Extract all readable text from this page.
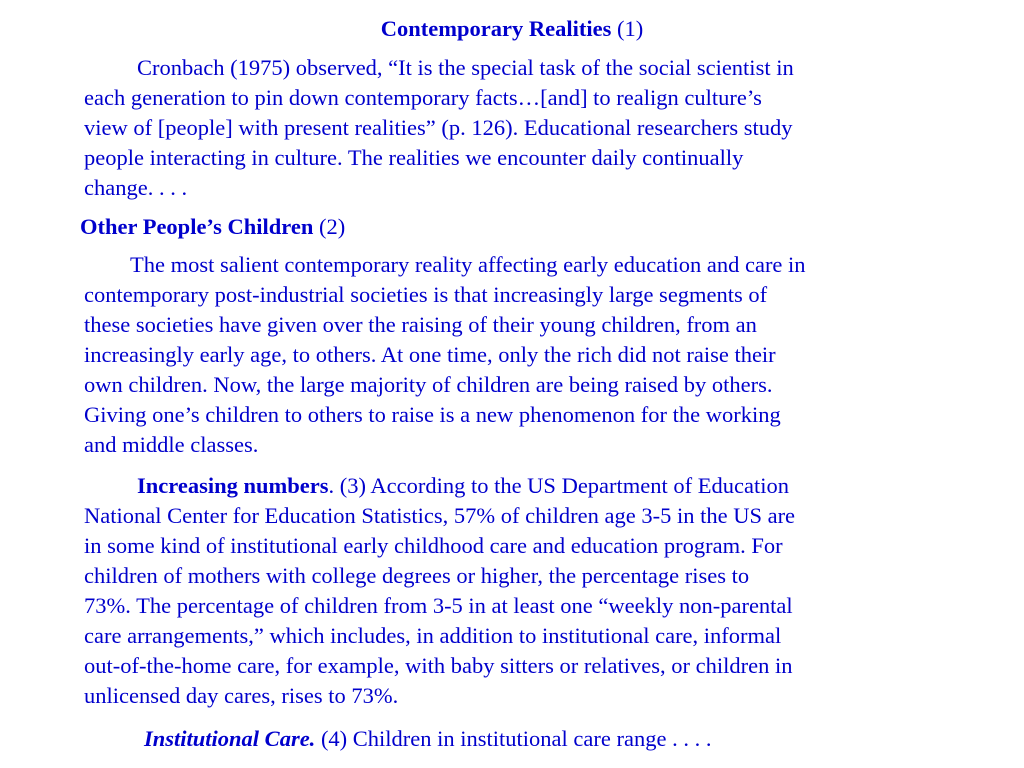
Contemporary Realities (1)

Cronbach (1975) observed, “It is the special task of the social scientist in

each generation to pin down contemporary facts…[and] to realign culture’s

view of [people] with present realities” (p. 126). Educational researchers study

people interacting in culture. The realities we encounter daily continually

change. . . .

Other People’s Children (2)

The most salient contemporary reality affecting early education and care in

contemporary post-industrial societies is that increasingly large segments of

these societies have given over the raising of their young children, from an

increasingly early age, to others. At one time, only the rich did not raise their

own children. Now, the large majority of children are being raised by others.

Giving one’s children to others to raise is a new phenomenon for the working

and middle classes.

Increasing numbers. (3) According to the US Department of Education

National Center for Education Statistics, 57% of children age 3-5 in the US are

in some kind of institutional early childhood care and education program. For

children of mothers with college degrees or higher, the percentage rises to

73%. The percentage of children from 3-5 in at least one “weekly non-parental

care arrangements,” which includes, in addition to institutional care, informal

out-of-the-home care, for example, with baby sitters or relatives, or children in

unlicensed day cares, rises to 73%.

Institutional Care. (4) Children in institutional care range . . . .
